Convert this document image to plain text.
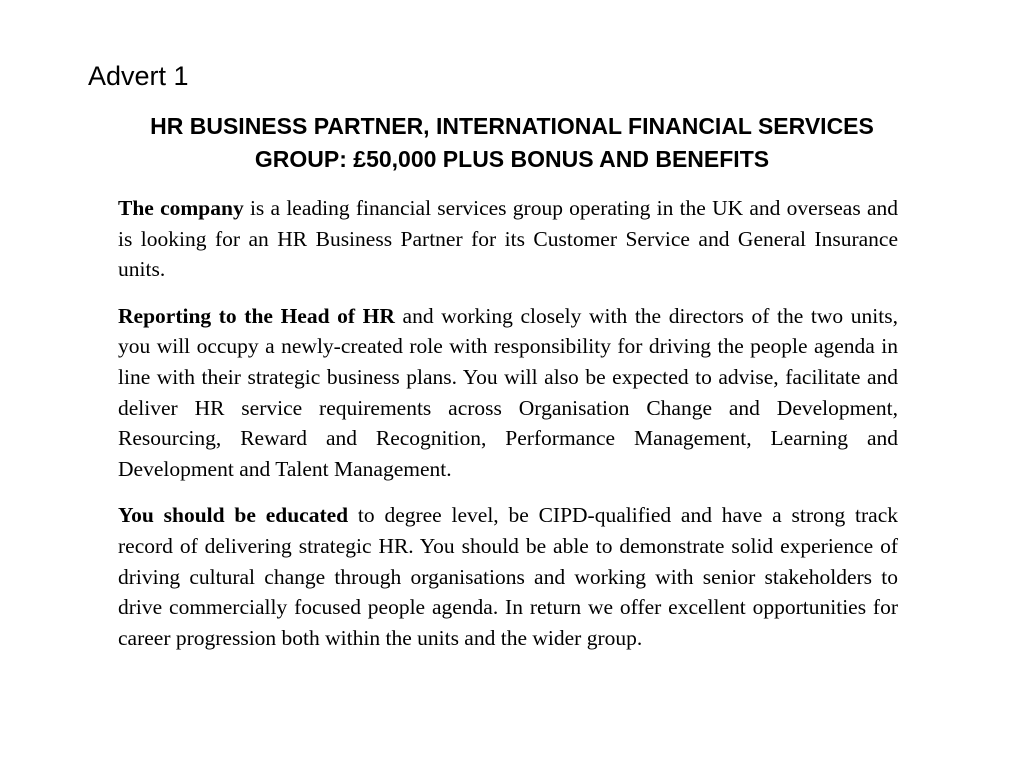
Advert 1
HR BUSINESS PARTNER, INTERNATIONAL FINANCIAL SERVICES
GROUP: £50,000 PLUS BONUS AND BENEFITS

The company is a leading financial services group operating in the UK and overseas and is looking for an HR Business Partner for its Customer Service and General Insurance units.

Reporting to the Head of HR and working closely with the directors of the two units, you will occupy a newly-created role with responsibility for driving the people agenda in line with their strategic business plans. You will also be expected to advise, facilitate and deliver HR service requirements across Organisation Change and Development, Resourcing, Reward and Recognition, Performance Management, Learning and Development and Talent Management.

You should be educated to degree level, be CIPD-qualified and have a strong track record of delivering strategic HR. You should be able to demonstrate solid experience of driving cultural change through organisations and working with senior stakeholders to drive commercially focused people agenda. In return we offer excellent opportunities for career progression both within the units and the wider group.
